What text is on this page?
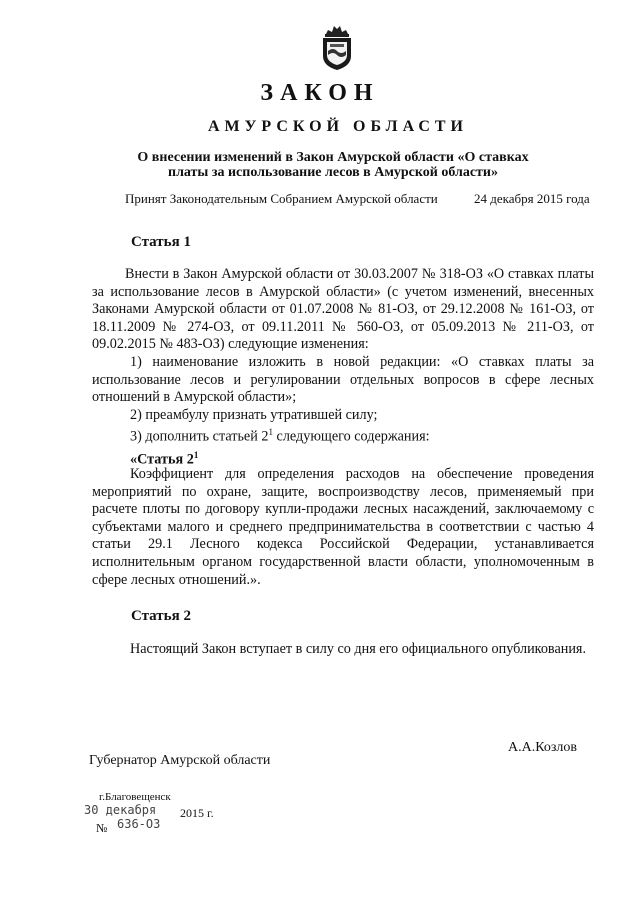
ЗАКОН
АМУРСКОЙ ОБЛАСТИ
О внесении изменений в Закон Амурской области «О ставках
платы за использование лесов в Амурской области»
Принят Законодательным Собранием Амурской области	24 декабря 2015 года
Статья 1
Внести в Закон Амурской области от 30.03.2007 № 318-ОЗ «О ставках платы за использование лесов в Амурской области» (с учетом изменений, внесенных Законами Амурской области от 01.07.2008 № 81-ОЗ, от 29.12.2008 № 161-ОЗ, от 18.11.2009 № 274-ОЗ, от 09.11.2011 № 560-ОЗ, от 05.09.2013 № 211-ОЗ, от 09.02.2015 № 483-ОЗ) следующие изменения:
1) наименование изложить в новой редакции: «О ставках платы за использование лесов и регулировании отдельных вопросов в сфере лесных отношений в Амурской области»;
2) преамбулу признать утратившей силу;
3) дополнить статьей $2^1$ следующего содержания:
«Статья $2^1$
Коэффициент для определения расходов на обеспечение проведения мероприятий по охране, защите, воспроизводству лесов, применяемый при расчете плоты по договору купли-продажи лесных насаждений, заключаемому с субъектами малого и среднего предпринимательства в соответствии с частью 4 статьи 29.1 Лесного кодекса Российской Федерации, устанавливается исполнительным органом государственной власти области, уполномоченным в сфере лесных отношений.».
Статья 2
Настоящий Закон вступает в силу со дня его официального опубликования.
Губернатор Амурской области
А.А.Козлов
г.Благовещенск
30 декабря 2015 г.
№ 636-ОЗ
